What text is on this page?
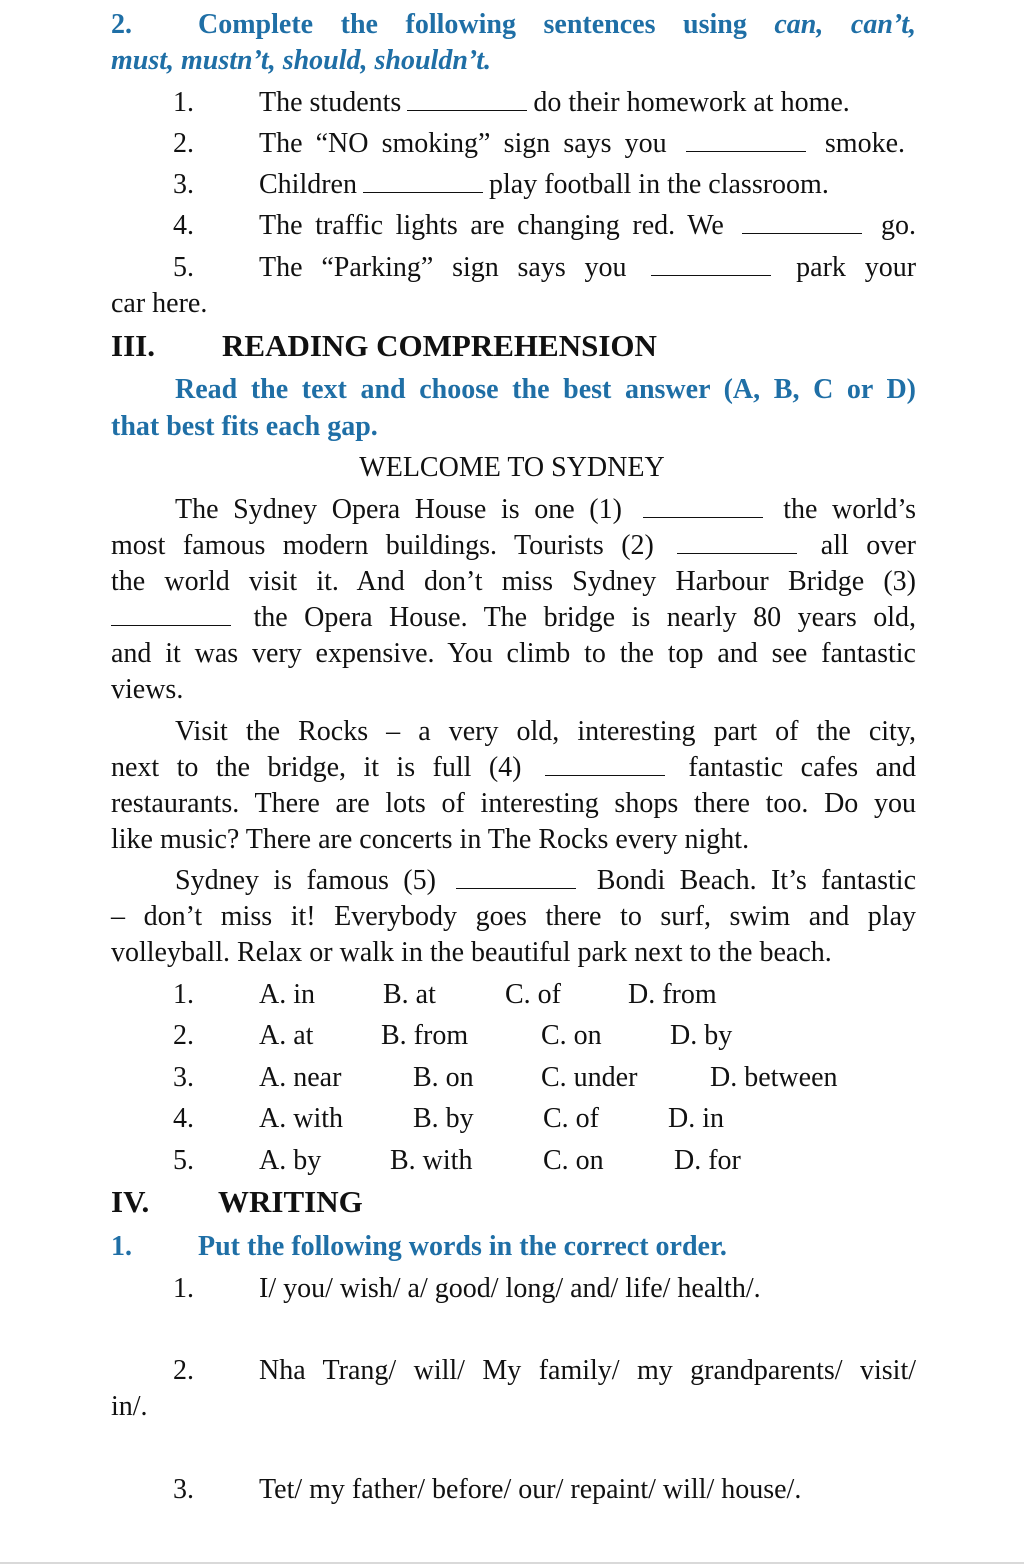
2. Complete the following sentences using can, can’t,
must, mustn’t, should, shouldn’t.
1. The students	do their homework at home.
2. The “NO smoking” sign says you	smoke.
3. Children	play football in the classroom.
4. The traffic lights are changing red. We	go.
5. The “Parking” sign says you	park your
car here.
III. READING COMPREHENSION
Read the text and choose the best answer (A, B, C or D)
that best fits each gap.
WELCOME TO SYDNEY
The Sydney Opera House is one (1)	the world’s
most famous modern buildings. Tourists (2)	all over
the world visit it. And don’t miss Sydney Harbour Bridge (3)
the Opera House. The bridge is nearly 80 years old,
and it was very expensive. You climb to the top and see fantastic
views.
Visit the Rocks – a very old, interesting part of the city,
next to the bridge, it is full (4)	fantastic cafes and
restaurants. There are lots of interesting shops there too. Do you
like music? There are concerts in The Rocks every night.
Sydney is famous (5)	Bondi Beach. It’s fantastic
– don’t miss it! Everybody goes there to surf, swim and play
volleyball. Relax or walk in the beautiful park next to the beach.
1. A. in B. at C. of D. from
2. A. at B. from	C. on D. by
3. A. near	B. on C. under	D. between
4. A. with	B. by C. of D. in
5. A. by B. with	C. on	D. for
IV. WRITING
1. Put the following words in the correct order.
1. I/ you/ wish/ a/ good/ long/ and/ life/ health/.
2. Nha Trang/ will/ My family/ my grandparents/ visit/
in/.
3. Tet/ my father/ before/ our/ repaint/ will/ house/.
